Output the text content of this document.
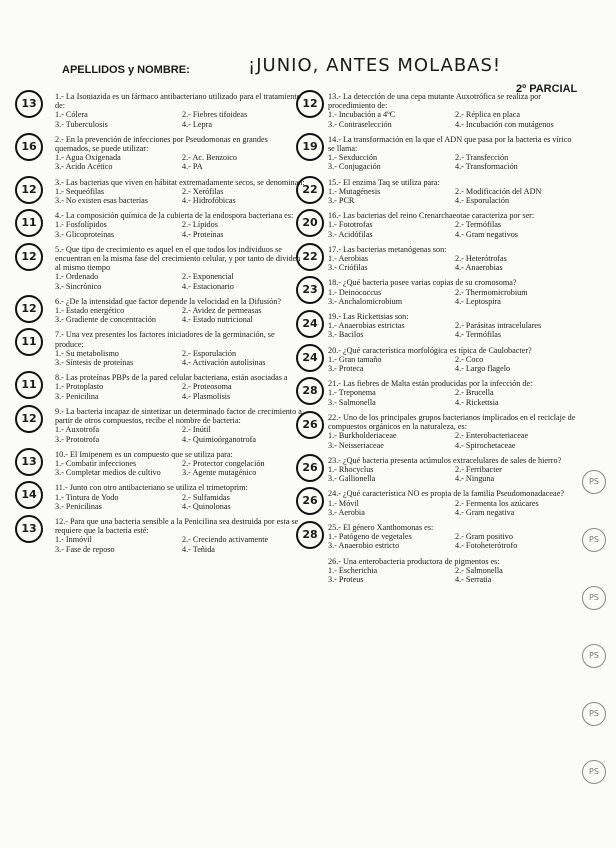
APELLIDOS y NOMBRE:	¡JUNIO, ANTES MOLABAS!
2º PARCIAL
1.- La Isoniazida es un fármaco antibacteriano utilizado para el tratamiento de:
1.- Cólera	2.- Fiebres tifoideas
3.- Tuberculosis	4.- Lepra
13
2.- En la prevención de infecciones por Pseudomonas en grandes quemados, se puede utilizar:
1.- Agua Oxigenada	2.- Ac. Benzoico
3.- Acido Acético	4.- PA
16
3.- Las bacterias que viven en hábitat extremadamente secos, se denominan:
1.- Sequeófilas	2.- Xerófilas
3.- No existen esas bacterias	4.- Hidrofóbicas
12
4.- La composición química de la cubierta de la endospora bacteriana es:
1.- Fosfolípidos	2.- Lípidos
3.- Glicoproteínas	4.- Proteínas
11
5.- Que tipo de crecimiento es aquel en el que todos los individuos se encuentran en la misma fase del crecimiento celular, y por tanto de dividen al mismo tiempo
1.- Ordenado	2.- Exponencial
3.- Sincrónico	4.- Estacionario
12
6.- ¿De la intensidad que factor depende la velocidad en la Difusión?
1.- Estado energético	2.- Avidez de permeasas
3.- Gradiente de concentración	4.- Estado nutricional
12
7.- Una vez presentes los factores iniciadores de la germinación, se produce:
1.- Su metabolismo	2.- Esporulación
3.- Síntesis de proteínas	4.- Activación autolisinas
11
8.- Las proteínas PBPs de la pared celular bacteriana, están asociadas a
1.- Protoplasto	2.- Proteosoma
3.- Penicilina	4.- Plasmolisis
11
9.- La bacteria incapaz de sintetizar un determinado factor de crecimiento a partir de otros compuestos, recibe el nombre de bacteria:
1.- Auxotrofa	2.- Inútil
3.- Prototrofa	4.- Quimioórganotrofa
12
10.- El Imipenem es un compuesto que se utiliza para:
1.- Combatir infecciones	2.- Protector congelación
3.- Completar medios de cultivo	3.- Agente mutagénico
13
11.- Junto con otro antibacteriano se utiliza el trimetoprim:
1.- Tintura de Yodo	2.- Sulfamidas
3.- Penicilinas	4.- Quinolonas
14
12.- Para que una bacteria sensible a la Penicilina sea destruida por esta se requiere que la bacteria esté:
1.- Inmóvil	2.- Creciendo activamente
3.- Fase de reposo	4.- Teñida
13
13.- La detección de una cepa mutante Auxotrófica se realiza por procedimiento de:
1.- Incubación a 4ºC	2.- Réplica en placa
3.- Contraselección	4.- Incubación con mutágenos
12
14.- La transformación en la que el ADN que pasa por la bacteria es vírico se llama:
1.- Sexducción	2.- Transfección
3.- Conjugación	4.- Transformación
19
15.- El enzima Taq se utiliza para:
1.- Mutagénesis	2.- Modificación del ADN
3.- PCR	4.- Esporulación
22
16.- Las bacterias del reino Crenarchaeotae caracteriza por ser:
1.- Fototrofas	2.- Termófilas
3.- Acidófilas	4.- Gram negativos
20
17.- Las bacterias metanógenas son:
1.- Aerobias	2.- Heterótrofas
3.- Criófilas	4.- Anaerobias
22
18.- ¿Qué bacteria posee varias copias de su cromosoma?
1.- Deinococcus	2.- Thermomicrobium
3.- Anchalomicrobium	4.- Leptospira
23
19.- Las Rickettsias son:
1.- Anaerobias estrictas	2.- Parásitas intracelulares
3.- Bacilos	4.- Termófilas
24
20.- ¿Qué característica morfológica es típica de Caulobacter?
1.- Gran tamaño	2.- Coco
3.- Proteca	4.- Largo flagelo
24
21.- Las fiebres de Malta están producidas por la infección de:
1.- Treponema	2.- Brucella
3.- Salmonella	4.- Rickettsia
28
22.- Uno de los principales grupos bacterianos implicados en el reciclaje de compuestos orgánicos en la naturaleza, es:
1.- Burkholderiaceae	2.- Enterobacteriaceae
3.- Neisseriaceae	4.- Spirochetaceae
26
23.- ¿Qué bacteria presenta acúmulos extracelulares de sales de hierro?
1.- Rhocyclus	2.- Ferribacter
3.- Gallionella	4.- Ninguna
26
24.- ¿Qué característica NO es propia de la familia Pseudomonadaceae?
1.- Móvil	2.- Fermenta los azúcares
3.- Aerobia	4.- Gram negativa
26
25.- El género Xanthomonas es:
1.- Patógeno de vegetales	2.- Gram positivo
3.- Anaerobio estricto	4.- Fotoheterótrofo
28
26.- Una enterobacteria productora de pigmentos es:
1.- Escherichia	2.- Salmonella
3.- Proteus	4.- Serratia
PS
PS
PS
PS
PS
PS
